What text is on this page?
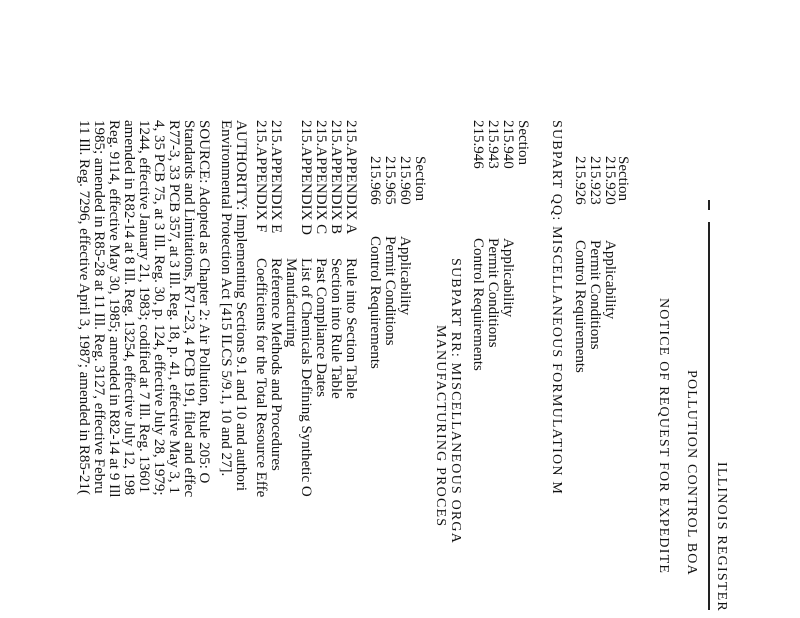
ILLINOIS REGISTER
POLLUTION CONTROL BOA
NOTICE OF REQUEST FOR EXPEDITE
Section
215.920
215.923
215.926
Applicability
Permit Conditions
Control Requirements
SUBPART QQ: MISCELLANEOUS FORMULATION M
Section
215.940
215.943
215.946
Applicability
Permit Conditions
Control Requirements
SUBPART RR: MISCELLANEOUS ORGA
MANUFACTURING PROCES
Section
215.960
215.965
215.966
Applicability
Permit Conditions
Control Requirements
215.APPENDIX A
215.APPENDIX B
215.APPENDIX C
215.APPENDIX D
215.APPENDIX E
215.APPENDIX F
Rule into Section Table
Section into Rule Table
Past Compliance Dates
List of Chemicals Defining Synthetic O
Manufacturing
Reference Methods and Procedures
Coefficients for the Total Resource Effe
AUTHORITY: Implementing Sections 9.1 and 10 and authori
Environmental Protection Act [415 ILCS 5/9.1, 10 and 27].
SOURCE: Adopted as Chapter 2: Air Pollution, Rule 205: O
Standards and Limitations, R71-23, 4 PCB 191, filed and effec
R77-3, 33 PCB 357, at 3 Ill. Reg. 18, p. 41, effective May 3, 1
4, 35 PCB 75, at 3 Ill. Reg. 30, p. 124, effective July 28, 1979;
1244, effective January 21, 1983; codified at 7 Ill. Reg. 13601
amended in R82-14 at 8 Ill. Reg. 13254, effective July 12, 198
Reg. 9114, effective May 30, 1985; amended in R82-14 at 9 Ill
1985; amended in R85-28 at 11 Ill. Reg. 3127, effective Febru
11 Ill. Reg. 7296, effective April 3, 1987; amended in R85-21(
